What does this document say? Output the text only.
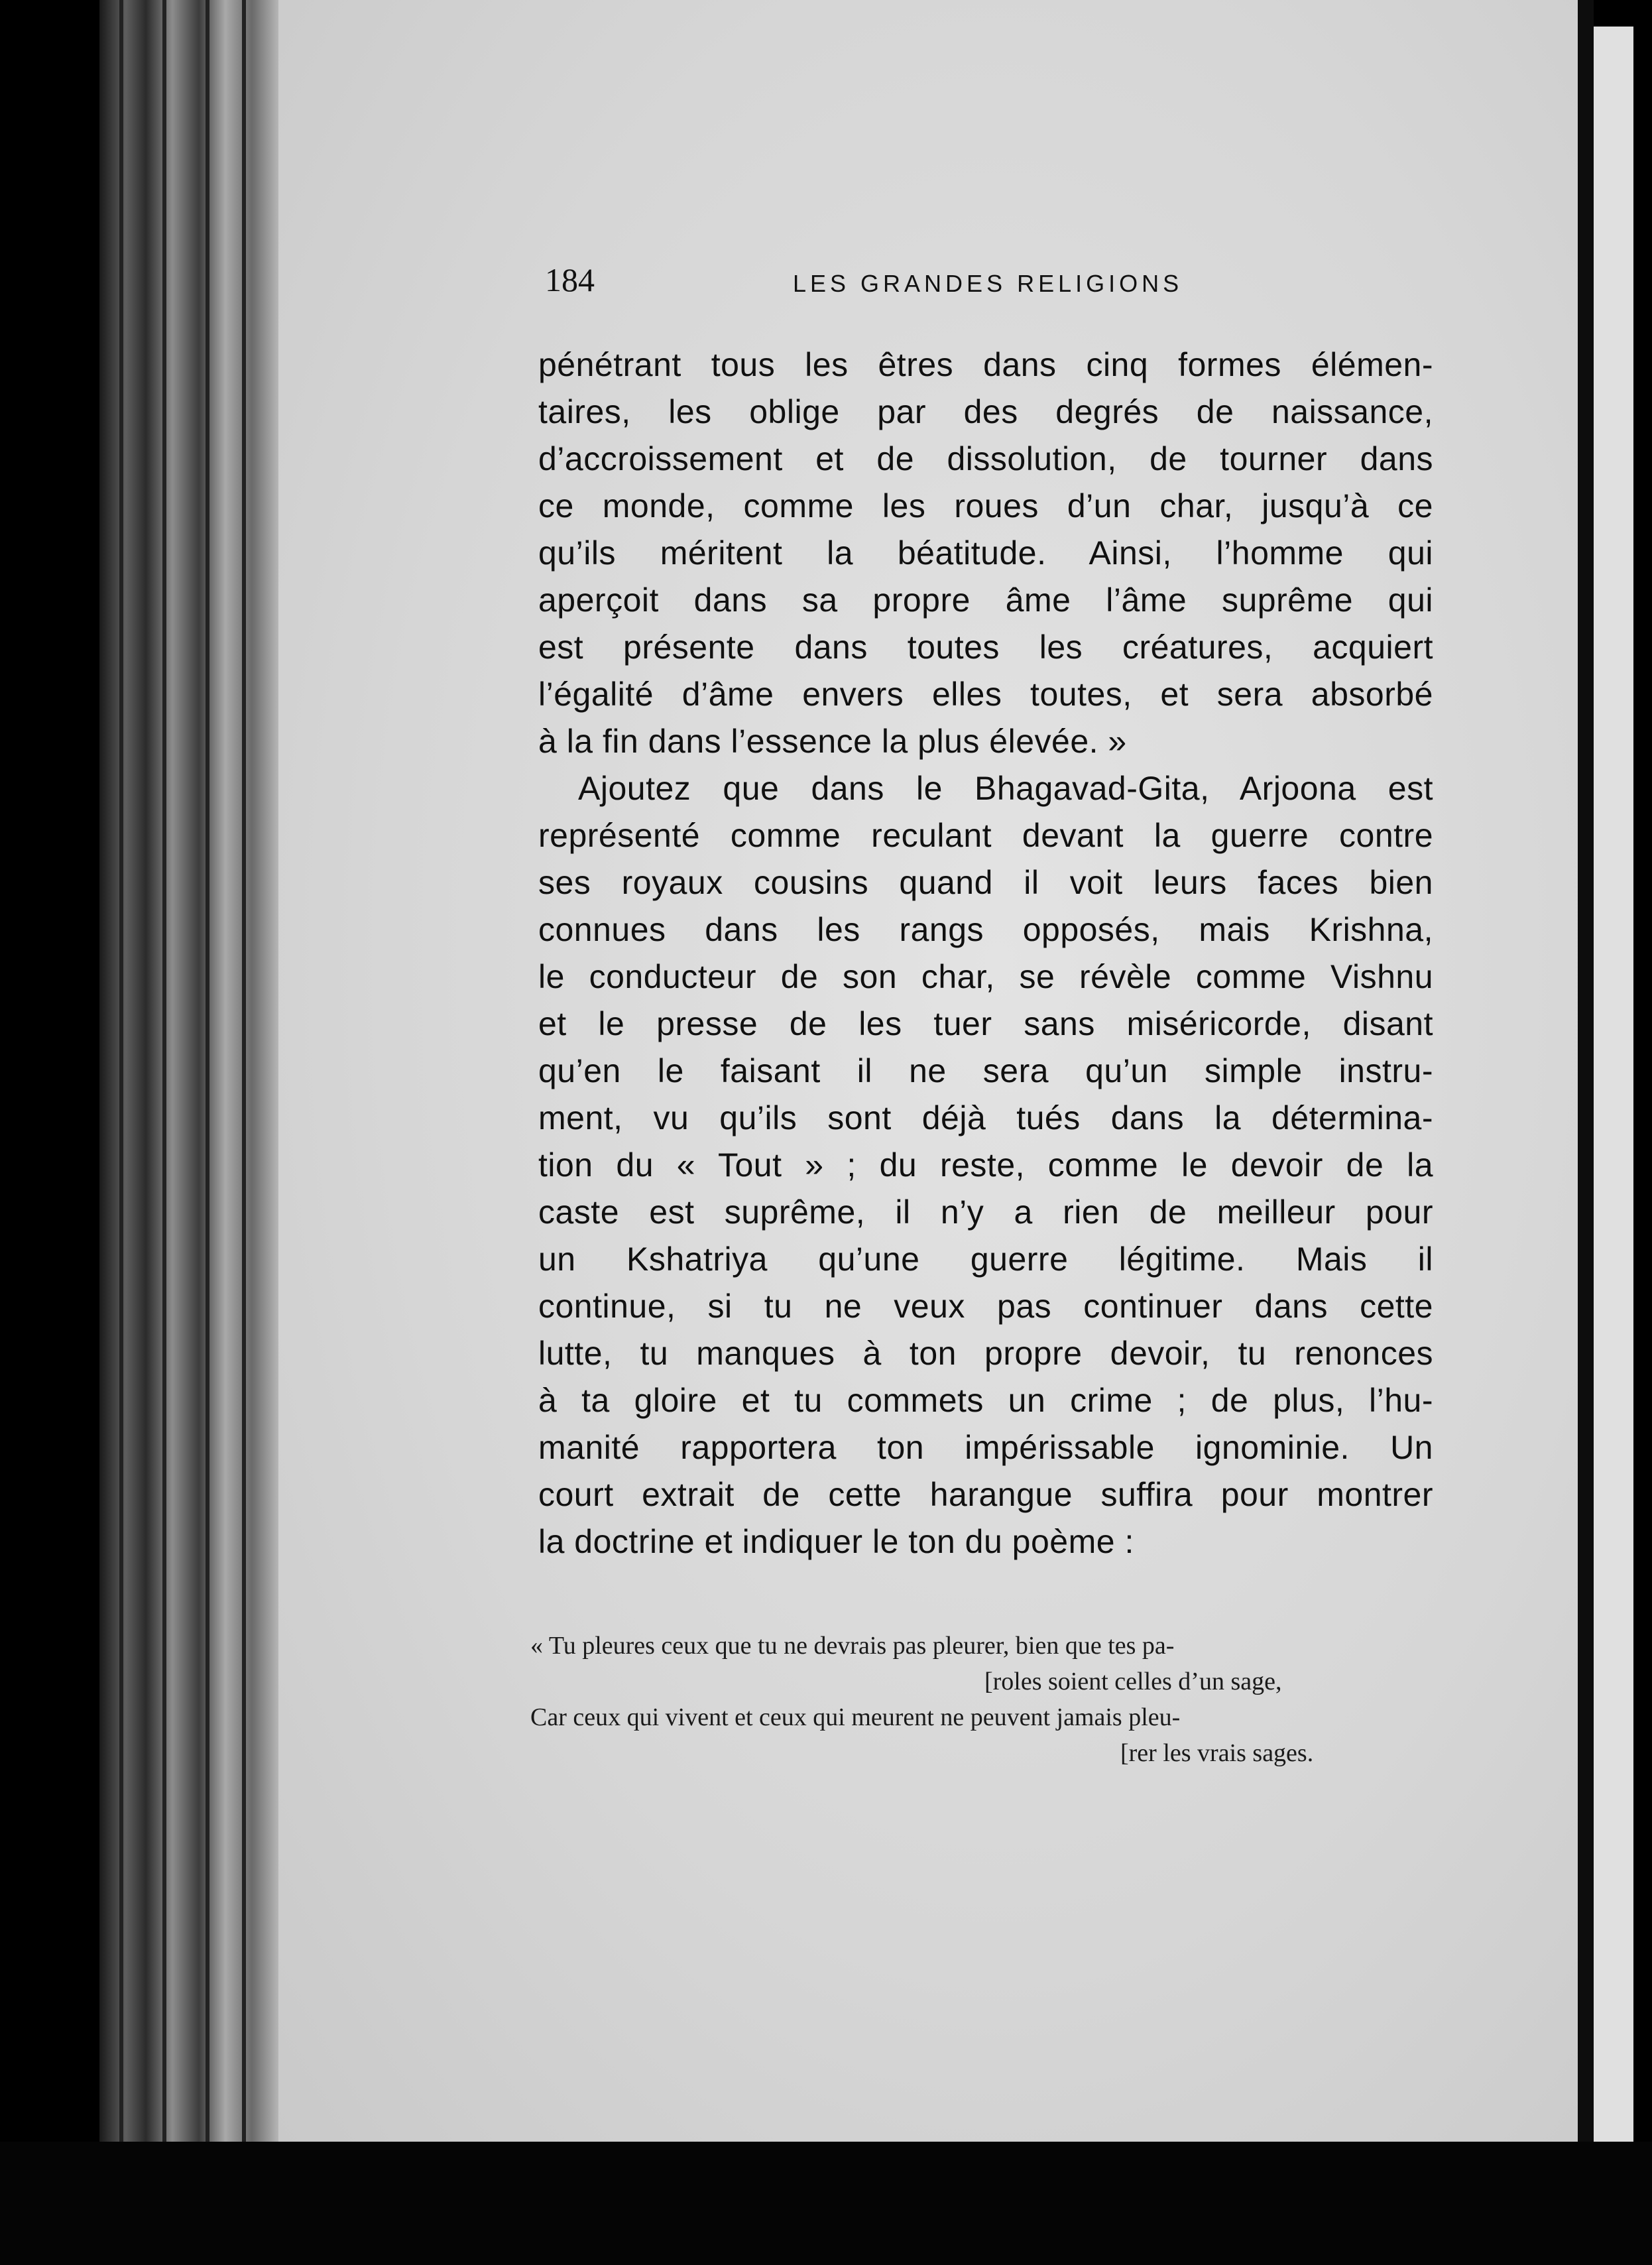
184	LES GRANDES RELIGIONS
pénétrant tous les êtres dans cinq formes élémen-
taires, les oblige par des degrés de naissance,
d’accroissement et de dissolution, de tourner dans
ce monde, comme les roues d’un char, jusqu’à ce
qu’ils méritent la béatitude. Ainsi, l’homme qui
aperçoit dans sa propre âme l’âme suprême qui
est présente dans toutes les créatures, acquiert
l’égalité d’âme envers elles toutes, et sera absorbé
à la fin dans l’essence la plus élevée. »
Ajoutez que dans le Bhagavad-Gita, Arjoona est
représenté comme reculant devant la guerre contre
ses royaux cousins quand il voit leurs faces bien
connues dans les rangs opposés, mais Krishna,
le conducteur de son char, se révèle comme Vishnu
et le presse de les tuer sans miséricorde, disant
qu’en le faisant il ne sera qu’un simple instru-
ment, vu qu’ils sont déjà tués dans la détermina-
tion du « Tout » ; du reste, comme le devoir de la
caste est suprême, il n’y a rien de meilleur pour
un Kshatriya qu’une guerre légitime. Mais il
continue, si tu ne veux pas continuer dans cette
lutte, tu manques à ton propre devoir, tu renonces
à ta gloire et tu commets un crime ; de plus, l’hu-
manité rapportera ton impérissable ignominie. Un
court extrait de cette harangue suffira pour montrer
la doctrine et indiquer le ton du poème :
« Tu pleures ceux que tu ne devrais pas pleurer, bien que tes pa-
[roles soient celles d’un sage,
Car ceux qui vivent et ceux qui meurent ne peuvent jamais pleu-
[rer les vrais sages.
